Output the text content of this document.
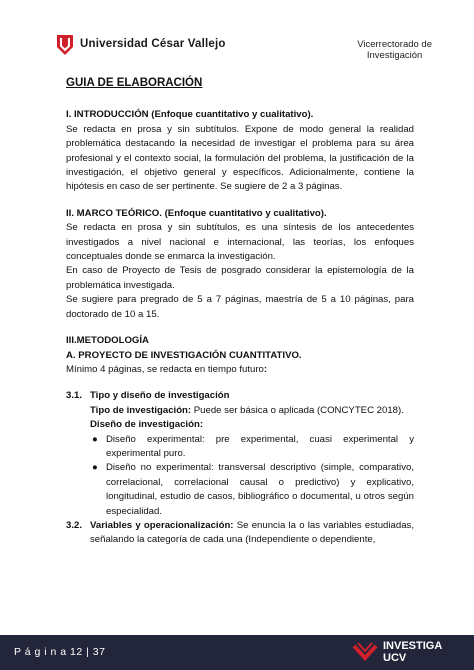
Universidad César Vallejo	Vicerrectorado de
Investigación
GUIA DE ELABORACIÓN
I. INTRODUCCIÓN (Enfoque cuantitativo y cualitativo).
Se redacta en prosa y sin subtítulos. Expone de modo general la realidad problemática destacando la necesidad de investigar el problema para su área profesional y el contexto social, la formulación del problema, la justificación de la investigación, el objetivo general y específicos. Adicionalmente, contiene la hipótesis en caso de ser pertinente. Se sugiere de 2 a 3 páginas.
II. MARCO TEÓRICO. (Enfoque cuantitativo y cualitativo).
Se redacta en prosa y sin subtítulos, es una síntesis de los antecedentes investigados a nivel nacional e internacional, las teorías, los enfoques conceptuales donde se enmarca la investigación.
En caso de Proyecto de Tesis de posgrado considerar la epistemología de la problemática investigada.
Se sugiere para pregrado de 5 a 7 páginas, maestría de 5 a 10 páginas, para doctorado de 10 a 15.
III.METODOLOGÍA
A. PROYECTO DE INVESTIGACIÓN CUANTITATIVO.
Mínimo 4 páginas, se redacta en tiempo futuro:
3.1. Tipo y diseño de investigación
Tipo de investigación: Puede ser básica o aplicada (CONCYTEC 2018).
Diseño de investigación:
● Diseño experimental: pre experimental, cuasi experimental y experimental puro.
● Diseño no experimental: transversal descriptivo (simple, comparativo, correlacional, correlacional causal o predictivo) y explicativo, longitudinal, estudio de casos, bibliográfico o documental, u otros según especialidad.
3.2. Variables y operacionalización: Se enuncia la o las variables estudiadas, señalando la categoría de cada una (Independiente o dependiente,
P á g i n a 12 | 37	INVESTIGA
UCV
